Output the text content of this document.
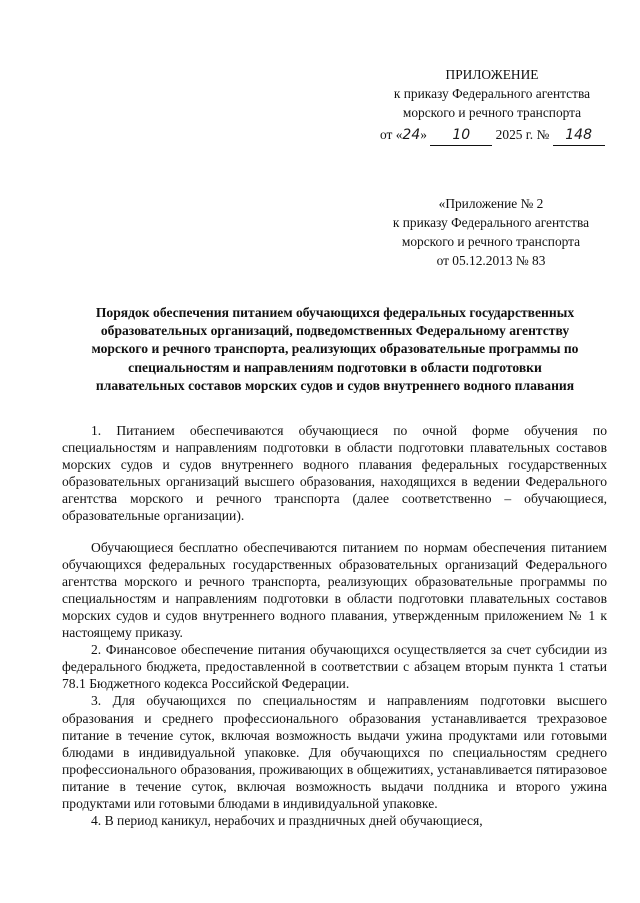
ПРИЛОЖЕНИЕ
к приказу Федерального агентства
морского и речного транспорта
от «24» 10 2025 г. № 148
«Приложение № 2
к приказу Федерального агентства
морского и речного транспорта
от 05.12.2013 № 83
Порядок обеспечения питанием обучающихся федеральных государственных
образовательных организаций, подведомственных Федеральному агентству
морского и речного транспорта, реализующих образовательные программы по
специальностям и направлениям подготовки в области подготовки
плавательных составов морских судов и судов внутреннего водного плавания
1. Питанием обеспечиваются обучающиеся по очной форме обучения по специальностям и направлениям подготовки в области подготовки плавательных составов морских судов и судов внутреннего водного плавания федеральных государственных образовательных организаций высшего образования, находящихся в ведении Федерального агентства морского и речного транспорта (далее соответственно – обучающиеся, образовательные организации).
Обучающиеся бесплатно обеспечиваются питанием по нормам обеспечения питанием обучающихся федеральных государственных образовательных организаций Федерального агентства морского и речного транспорта, реализующих образовательные программы по специальностям и направлениям подготовки в области подготовки плавательных составов морских судов и судов внутреннего водного плавания, утвержденным приложением № 1 к настоящему приказу.
2. Финансовое обеспечение питания обучающихся осуществляется за счет субсидии из федерального бюджета, предоставленной в соответствии с абзацем вторым пункта 1 статьи 78.1 Бюджетного кодекса Российской Федерации.
3. Для обучающихся по специальностям и направлениям подготовки высшего образования и среднего профессионального образования устанавливается трехразовое питание в течение суток, включая возможность выдачи ужина продуктами или готовыми блюдами в индивидуальной упаковке. Для обучающихся по специальностям среднего профессионального образования, проживающих в общежитиях, устанавливается пятиразовое питание в течение суток, включая возможность выдачи полдника и второго ужина продуктами или готовыми блюдами в индивидуальной упаковке.
4. В период каникул, нерабочих и праздничных дней обучающиеся,
